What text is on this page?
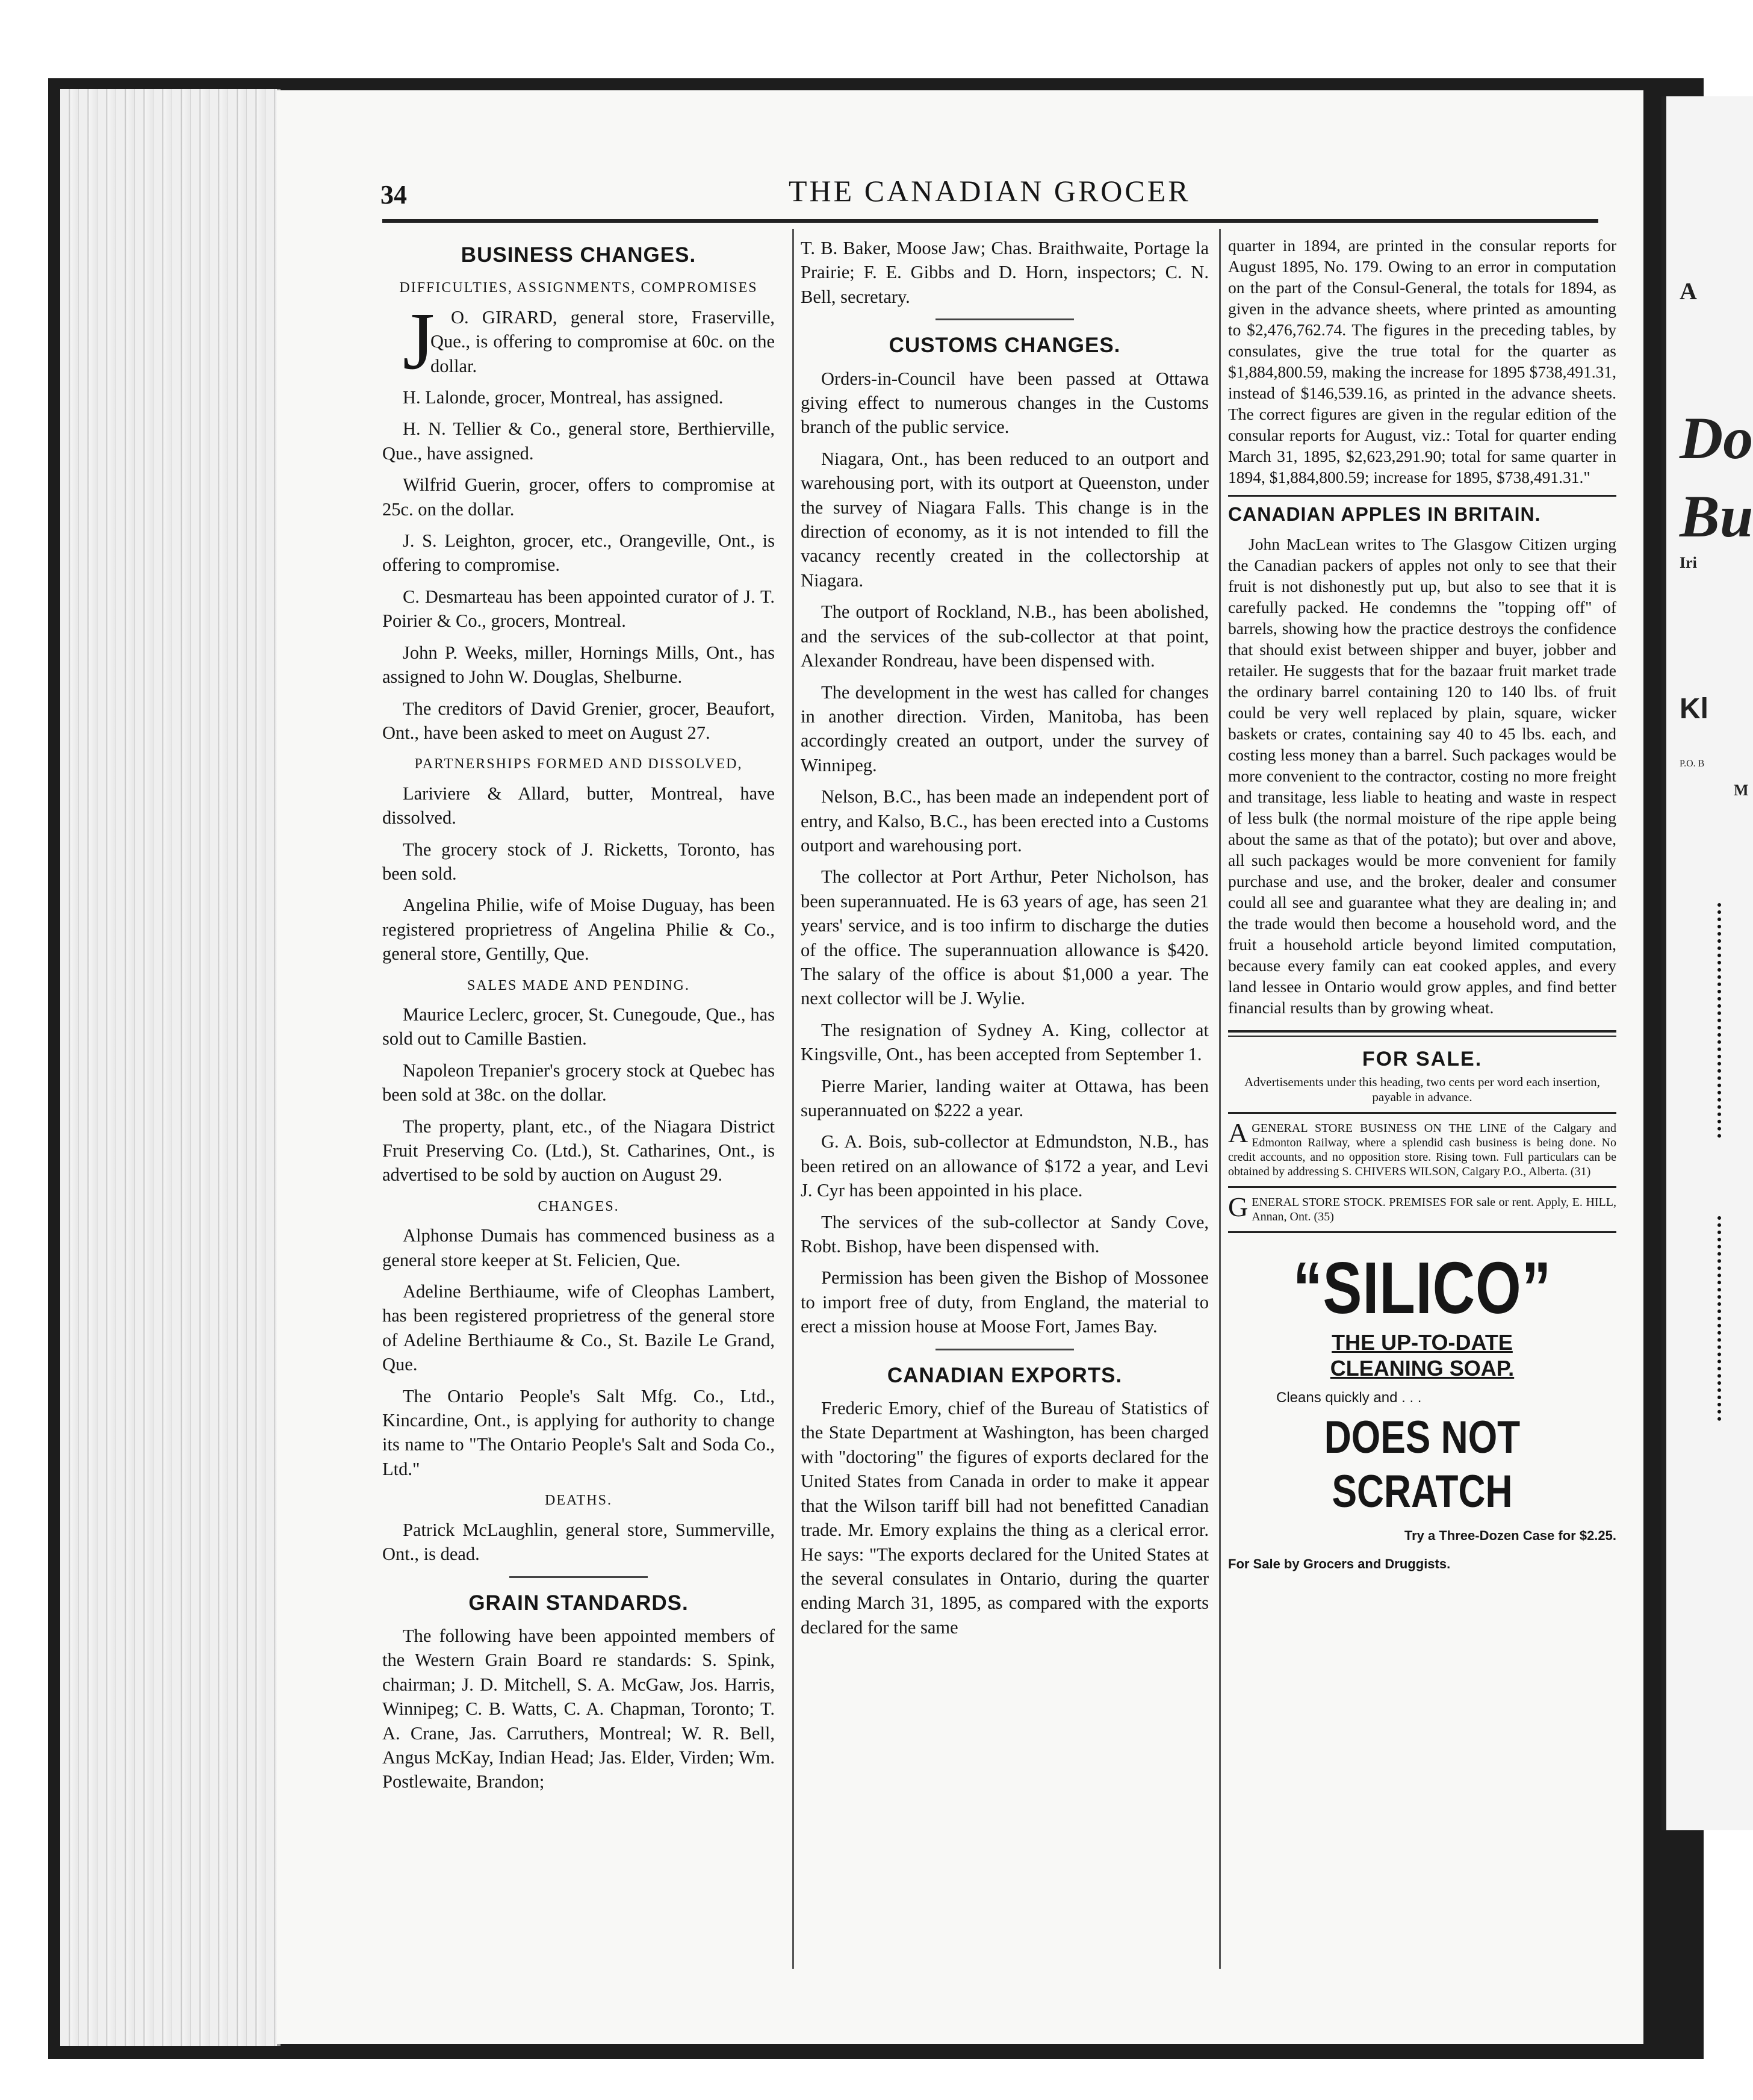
A
Do
Bu
Iri
Kl
P.O. B
M
34	THE CANADIAN GROCER
BUSINESS CHANGES.
DIFFICULTIES, ASSIGNMENTS, COMPROMISES

J O. GIRARD, general store, Fraserville, Que., is offering to compromise at 60c. on the dollar.

H. Lalonde, grocer, Montreal, has assigned.

H. N. Tellier & Co., general store, Berthierville, Que., have assigned.

Wilfrid Guerin, grocer, offers to compromise at 25c. on the dollar.

J. S. Leighton, grocer, etc., Orangeville, Ont., is offering to compromise.

C. Desmarteau has been appointed curator of J. T. Poirier & Co., grocers, Montreal.

John P. Weeks, miller, Hornings Mills, Ont., has assigned to John W. Douglas, Shelburne.

The creditors of David Grenier, grocer, Beaufort, Ont., have been asked to meet on August 27.

PARTNERSHIPS FORMED AND DISSOLVED,

Lariviere & Allard, butter, Montreal, have dissolved.

The grocery stock of J. Ricketts, Toronto, has been sold.

Angelina Philie, wife of Moise Duguay, has been registered proprietress of Angelina Philie & Co., general store, Gentilly, Que.

SALES MADE AND PENDING.

Maurice Leclerc, grocer, St. Cunegoude, Que., has sold out to Camille Bastien.

Napoleon Trepanier's grocery stock at Quebec has been sold at 38c. on the dollar.

The property, plant, etc., of the Niagara District Fruit Preserving Co. (Ltd.), St. Catharines, Ont., is advertised to be sold by auction on August 29.

CHANGES.

Alphonse Dumais has commenced business as a general store keeper at St. Felicien, Que.

Adeline Berthiaume, wife of Cleophas Lambert, has been registered proprietress of the general store of Adeline Berthiaume & Co., St. Bazile Le Grand, Que.

The Ontario People's Salt Mfg. Co., Ltd., Kincardine, Ont., is applying for authority to change its name to "The Ontario People's Salt and Soda Co., Ltd."

DEATHS.

Patrick McLaughlin, general store, Summerville, Ont., is dead.

GRAIN STANDARDS.

The following have been appointed members of the Western Grain Board re standards: S. Spink, chairman; J. D. Mitchell, S. A. McGaw, Jos. Harris, Winnipeg; C. B. Watts, C. A. Chapman, Toronto; T. A. Crane, Jas. Carruthers, Montreal; W. R. Bell, Angus McKay, Indian Head; Jas. Elder, Virden; Wm. Postlewaite, Brandon;

T. B. Baker, Moose Jaw; Chas. Braithwaite, Portage la Prairie; F. E. Gibbs and D. Horn, inspectors; C. N. Bell, secretary.

CUSTOMS CHANGES.

Orders-in-Council have been passed at Ottawa giving effect to numerous changes in the Customs branch of the public service.

Niagara, Ont., has been reduced to an outport and warehousing port, with its outport at Queenston, under the survey of Niagara Falls. This change is in the direction of economy, as it is not intended to fill the vacancy recently created in the collectorship at Niagara.

The outport of Rockland, N.B., has been abolished, and the services of the sub-collector at that point, Alexander Rondreau, have been dispensed with.

The development in the west has called for changes in another direction. Virden, Manitoba, has been accordingly created an outport, under the survey of Winnipeg.

Nelson, B.C., has been made an independent port of entry, and Kalso, B.C., has been erected into a Customs outport and warehousing port.

The collector at Port Arthur, Peter Nicholson, has been superannuated. He is 63 years of age, has seen 21 years' service, and is too infirm to discharge the duties of the office. The superannuation allowance is $420. The salary of the office is about $1,000 a year. The next collector will be J. Wylie.

The resignation of Sydney A. King, collector at Kingsville, Ont., has been accepted from September 1.

Pierre Marier, landing waiter at Ottawa, has been superannuated on $222 a year.

G. A. Bois, sub-collector at Edmundston, N.B., has been retired on an allowance of $172 a year, and Levi J. Cyr has been appointed in his place.

The services of the sub-collector at Sandy Cove, Robt. Bishop, have been dispensed with.

Permission has been given the Bishop of Mossonee to import free of duty, from England, the material to erect a mission house at Moose Fort, James Bay.

CANADIAN EXPORTS.

Frederic Emory, chief of the Bureau of Statistics of the State Department at Washington, has been charged with "doctoring" the figures of exports declared for the United States from Canada in order to make it appear that the Wilson tariff bill had not benefitted Canadian trade. Mr. Emory explains the thing as a clerical error. He says: "The exports declared for the United States at the several consulates in Ontario, during the quarter ending March 31, 1895, as compared with the exports declared for the same

quarter in 1894, are printed in the consular reports for August 1895, No. 179. Owing to an error in computation on the part of the Consul-General, the totals for 1894, as given in the advance sheets, where printed as amounting to $2,476,762.74. The figures in the preceding tables, by consulates, give the true total for the quarter as $1,884,800.59, making the increase for 1895 $738,491.31, instead of $146,539.16, as printed in the advance sheets. The correct figures are given in the regular edition of the consular reports for August, viz.: Total for quarter ending March 31, 1895, $2,623,291.90; total for same quarter in 1894, $1,884,800.59; increase for 1895, $738,491.31."

CANADIAN APPLES IN BRITAIN.

John MacLean writes to The Glasgow Citizen urging the Canadian packers of apples not only to see that their fruit is not dishonestly put up, but also to see that it is carefully packed. He condemns the "topping off" of barrels, showing how the practice destroys the confidence that should exist between shipper and buyer, jobber and retailer. He suggests that for the bazaar fruit market trade the ordinary barrel containing 120 to 140 lbs. of fruit could be very well replaced by plain, square, wicker baskets or crates, containing say 40 to 45 lbs. each, and costing less money than a barrel. Such packages would be more convenient to the contractor, costing no more freight and transitage, less liable to heating and waste in respect of less bulk (the normal moisture of the ripe apple being about the same as that of the potato); but over and above, all such packages would be more convenient for family purchase and use, and the broker, dealer and consumer could all see and guarantee what they are dealing in; and the trade would then become a household word, and the fruit a household article beyond limited computation, because every family can eat cooked apples, and every land lessee in Ontario would grow apples, and find better financial results than by growing wheat.

FOR SALE.
Advertisements under this heading, two cents per word each insertion, payable in advance.
AGENERAL STORE BUSINESS ON THE LINE of the Calgary and Edmonton Railway, where a splendid cash business is being done. No credit accounts, and no opposition store. Rising town. Full particulars can be obtained by addressing S. CHIVERS WILSON, Calgary P.O., Alberta. (31)
GENERAL STORE STOCK. PREMISES FOR sale or rent. Apply, E. HILL, Annan, Ont. (35)
“SILICO”
THE UP-TO-DATE
CLEANING SOAP.
Cleans quickly and . . .
DOES NOT SCRATCH
Try a Three-Dozen Case for $2.25.
For Sale by Grocers and Druggists.
